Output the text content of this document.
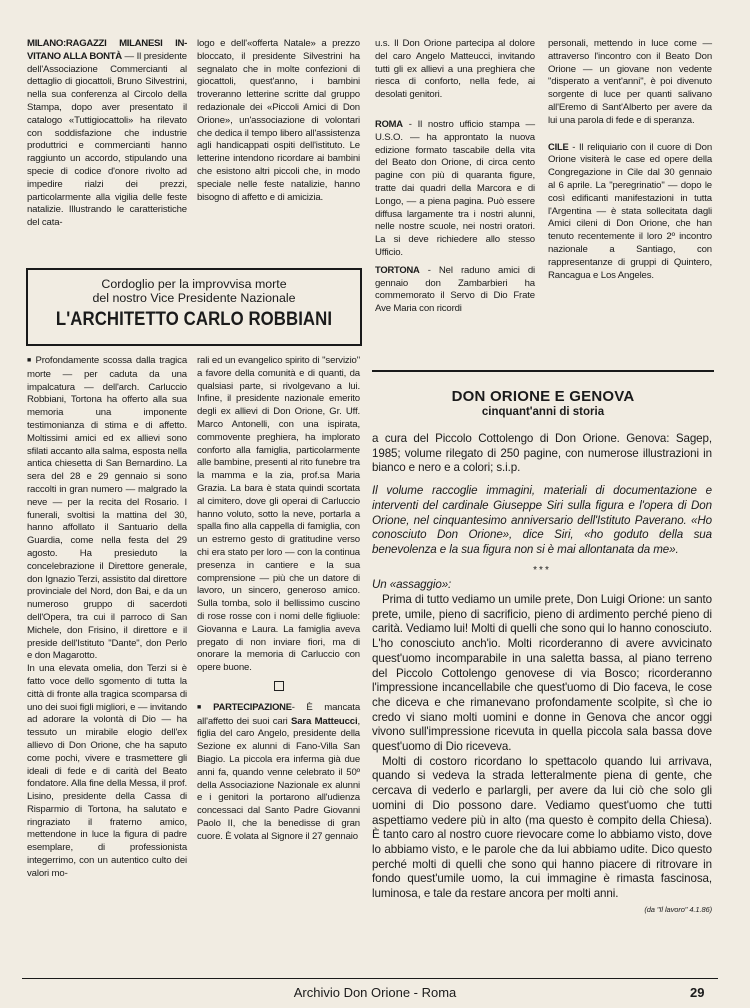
MILANO:RAGAZZI MILANESI IN- VITANO ALLA BONTÀ — Il presidente dell'Associazione Commercianti al dettaglio di giocattoli, Bruno Silvestrini, nella sua conferenza al Circolo della Stampa, dopo aver presentato il catalogo «Tuttigiocattoli» ha rilevato con soddisfazione che industrie produttrici e commercianti hanno raggiunto un accordo, stipulando una specie di codice d'onore rivolto ad impedire rialzi dei prezzi, particolarmente alla vigilia delle feste natalizie. Illustrando le caratteristiche del cata-
logo e dell'«offerta Natale» a prezzo bloccato, il presidente Silvestrini ha segnalato che in molte confezioni di giocattoli, quest'anno, i bambini troveranno letterine scritte dal gruppo redazionale dei «Piccoli Amici di Don Orione», un'associazione di volontari che dedica il tempo libero all'assistenza agli handicappati ospiti dell'istituto. Le letterine intendono ricordare ai bambini che esistono altri piccoli che, in modo speciale nelle feste natalizie, hanno bisogno di affetto e di amicizia.

u.s. Il Don Orione partecipa al dolore del caro Angelo Matteucci, invitando tutti gli ex allievi a una preghiera che riesca di conforto, nella fede, ai desolati genitori.

ROMA - Il nostro ufficio stampa — U.S.O. — ha approntato la nuova edizione formato tascabile della vita del Beato don Orione, di circa cento pagine con più di quaranta figure, tratte dai quadri della Marcora e di Longo, — a piena pagina. Può essere diffusa largamente tra i nostri alunni, nelle nostre scuole, nei nostri oratori. La si deve richiedere allo stesso Ufficio.

TORTONA - Nel raduno amici di gennaio don Zambarbieri ha commemorato il Servo di Dio Frate Ave Maria con ricordi

personali, mettendo in luce come — attraverso l'incontro con il Beato Don Orione — un giovane non vedente "disperato a vent'anni", è poi divenuto sorgente di luce per quanti salivano all'Eremo di Sant'Alberto per avere da lui una parola di fede e di speranza.

CILE - Il reliquiario con il cuore di Don Orione visiterà le case ed opere della Congregazione in Cile dal 30 gennaio al 6 aprile. La "peregrinatio" — dopo le così edificanti manifestazioni in tutta l'Argentina — è stata sollecitata dagli Amici cileni di Don Orione, che han tenuto recentemente il loro 2º incontro nazionale a Santiago, con rappresentanze di gruppi di Quintero, Rancagua e Los Angeles.

Cordoglio per la improvvisa morte
del nostro Vice Presidente Nazionale
L'ARCHITETTO CARLO ROBBIANI

■ Profondamente scossa dalla tragica morte — per caduta da una impalcatura — dell'arch. Carluccio Robbiani, Tortona ha offerto alla sua memoria una imponente testimonianza di stima e di affetto. Moltissimi amici ed ex allievi sono sfilati accanto alla salma, esposta nella antica chiesetta di San Bernardino. La sera del 28 e 29 gennaio si sono raccolti in gran numero — malgrado la neve — per la recita del Rosario. I funerali, svoltisi la mattina del 30, hanno affollato il Santuario della Guardia, come nella festa del 29 agosto. Ha presieduto la concelebrazione il Direttore generale, don Ignazio Terzi, assistito dal direttore provinciale del Nord, don Bai, e da un numeroso gruppo di sacerdoti dell'Opera, tra cui il parroco di San Michele, don Frisino, il direttore e il preside dell'Istituto "Dante", don Perlo e don Magarotto.

In una elevata omelia, don Terzi si è fatto voce dello sgomento di tutta la città di fronte alla tragica scomparsa di uno dei suoi figli migliori, e — invitando ad adorare la volontà di Dio — ha tessuto un mirabile elogio dell'ex allievo di Don Orione, che ha saputo come pochi, vivere e trasmettere gli ideali di fede e di carità del Beato fondatore. Alla fine della Messa, il prof. Lisino, presidente della Cassa di Risparmio di Tortona, ha salutato e ringraziato il fraterno amico, mettendone in luce la figura di padre esemplare, di professionista integerrimo, con un autentico culto dei valori mo-

rali ed un evangelico spirito di "servizio" a favore della comunità e di quanti, da qualsiasi parte, si rivolgevano a lui. Infine, il presidente nazionale emerito degli ex allievi di Don Orione, Gr. Uff. Marco Antonelli, con una ispirata, commovente preghiera, ha implorato conforto alla famiglia, particolarmente alle bambine, presenti al rito funebre tra la mamma e la zia, prof.sa Maria Grazia. La bara è stata quindi scortata al cimitero, dove gli operai di Carluccio hanno voluto, sotto la neve, portarla a spalla fino alla cappella di famiglia, con un estremo gesto di gratitudine verso chi era stato per loro — con la continua presenza in cantiere e la sua comprensione — più che un datore di lavoro, un sincero, generoso amico. Sulla tomba, solo il bellissimo cuscino di rose rosse con i nomi delle figliuole: Giovanna e Laura. La famiglia aveva pregato di non inviare fiori, ma di onorare la memoria di Carluccio con opere buone.

■ PARTECIPAZIONE- È mancata all'affetto dei suoi cari Sara Matteucci, figlia del caro Angelo, presidente della Sezione ex alunni di Fano-Villa San Biagio. La piccola era inferma già due anni fa, quando venne celebrato il 50º della Associazione Nazionale ex alunni e i genitori la portarono all'udienza concessaci dal Santo Padre Giovanni Paolo II, che la benedisse di gran cuore. È volata al Signore il 27 gennaio

DON ORIONE E GENOVA
cinquant'anni di storia

a cura del Piccolo Cottolengo di Don Orione. Genova: Sagep, 1985; volume rilegato di 250 pagine, con numerose illustrazioni in bianco e nero e a colori; s.i.p.

Il volume raccoglie immagini, materiali di documentazione e interventi del cardinale Giuseppe Siri sulla figura e l'opera di Don Orione, nel cinquantesimo anniversario dell'Istituto Paverano. «Ho conosciuto Don Orione», dice Siri, «ho goduto della sua benevolenza e la sua figura non si è mai allontanata da me».

***

Un «assaggio»:

Prima di tutto vediamo un umile prete, Don Luigi Orione: un santo prete, umile, pieno di sacrificio, pieno di ardimento perché pieno di carità. Vediamo lui! Molti di quelli che sono qui lo hanno conosciuto. L'ho conosciuto anch'io. Molti ricorderanno di avere avvicinato quest'uomo incomparabile in una saletta bassa, al piano terreno del Piccolo Cottolengo genovese di via Bosco; ricorderanno l'impressione incancellabile che quest'uomo di Dio faceva, le cose che diceva e che rimanevano profondamente scolpite, sì che io credo vi siano molti uomini e donne in Genova che ancor oggi vivono sull'impressione ricevuta in quella piccola sala bassa dove quest'uomo di Dio riceveva.

Molti di costoro ricordano lo spettacolo quando lui arrivava, quando si vedeva la strada letteralmente piena di gente, che cercava di vederlo e parlargli, per avere da lui ciò che solo gli uomini di Dio possono dare. Vediamo quest'uomo che tutti aspettiamo vedere più in alto (ma questo è compito della Chiesa). È tanto caro al nostro cuore rievocare come lo abbiamo visto, dove lo abbiamo visto, e le parole che da lui abbiamo udite. Dico questo perché molti di quelli che sono qui hanno piacere di ritrovare in fondo quest'umile uomo, la cui immagine è rimasta fascinosa, luminosa, e tale da restare ancora per molti anni.

(da "Il lavoro" 4.1.86)
Archivio Don Orione - Roma	29
